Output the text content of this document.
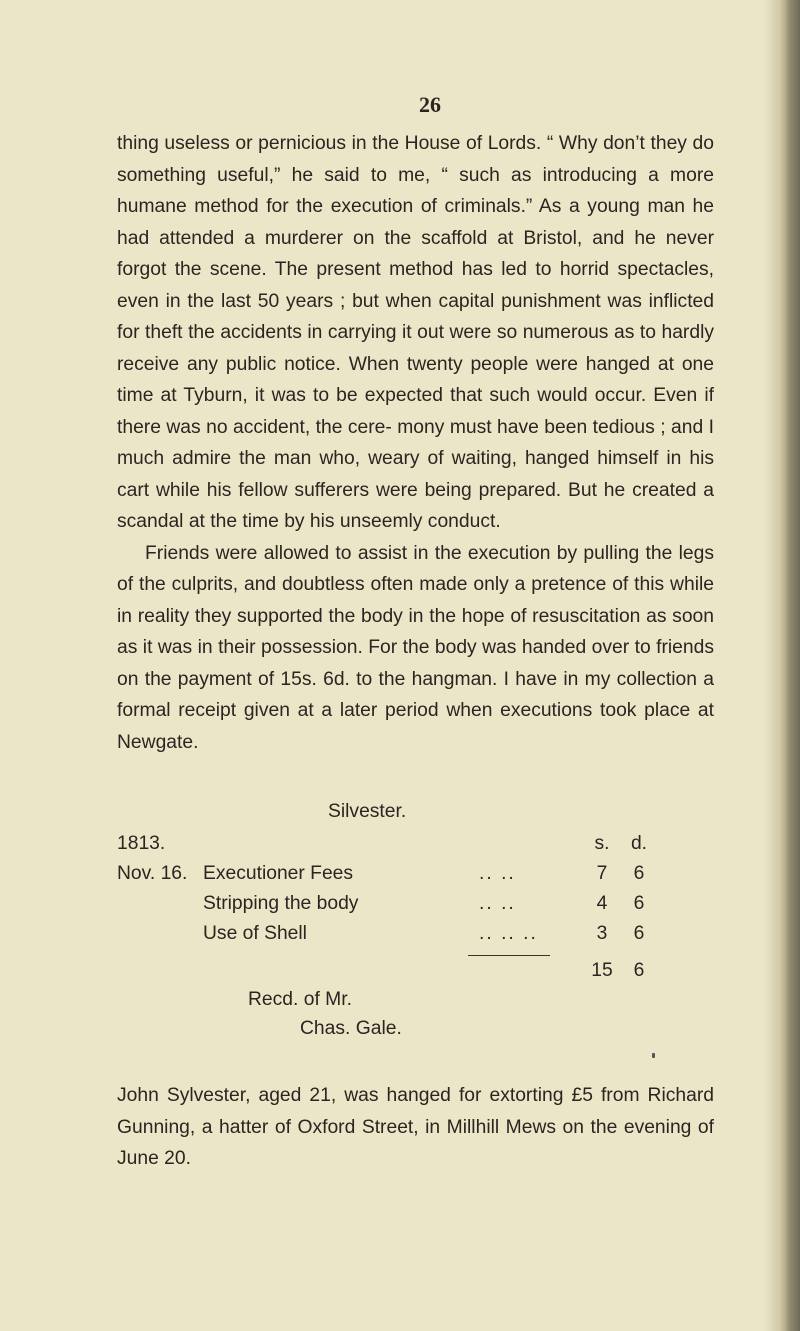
26

thing useless or pernicious in the House of Lords. “ Why don’t they do something useful,” he said to me, “ such as introducing a more humane method for the execution of criminals.” As a young man he had attended a murderer on the scaffold at Bristol, and he never forgot the scene. The present method has led to horrid spectacles, even in the last 50 years ; but when capital punishment was inflicted for theft the accidents in carrying it out were so numerous as to hardly receive any public notice. When twenty people were hanged at one time at Tyburn, it was to be expected that such would occur. Even if there was no accident, the cere- mony must have been tedious ; and I much admire the man who, weary of waiting, hanged himself in his cart while his fellow sufferers were being prepared. But he created a scandal at the time by his unseemly conduct.

Friends were allowed to assist in the execution by pulling the legs of the culprits, and doubtless often made only a pretence of this while in reality they supported the body in the hope of resuscitation as soon as it was in their possession. For the body was handed over to friends on the payment of 15s. 6d. to the hangman. I have in my collection a formal receipt given at a later period when executions took place at Newgate.

Silvester.
1813.	s. d.
Nov. 16. Executioner Fees	.. ..	7 6
Stripping the body	.. ..	4 6
Use of Shell	.. .. ..	3 6
15 6
Recd. of Mr.
Chas. Gale.

John Sylvester, aged 21, was hanged for extorting £5 from Richard Gunning, a hatter of Oxford Street, in Millhill Mews on the evening of June 20.
